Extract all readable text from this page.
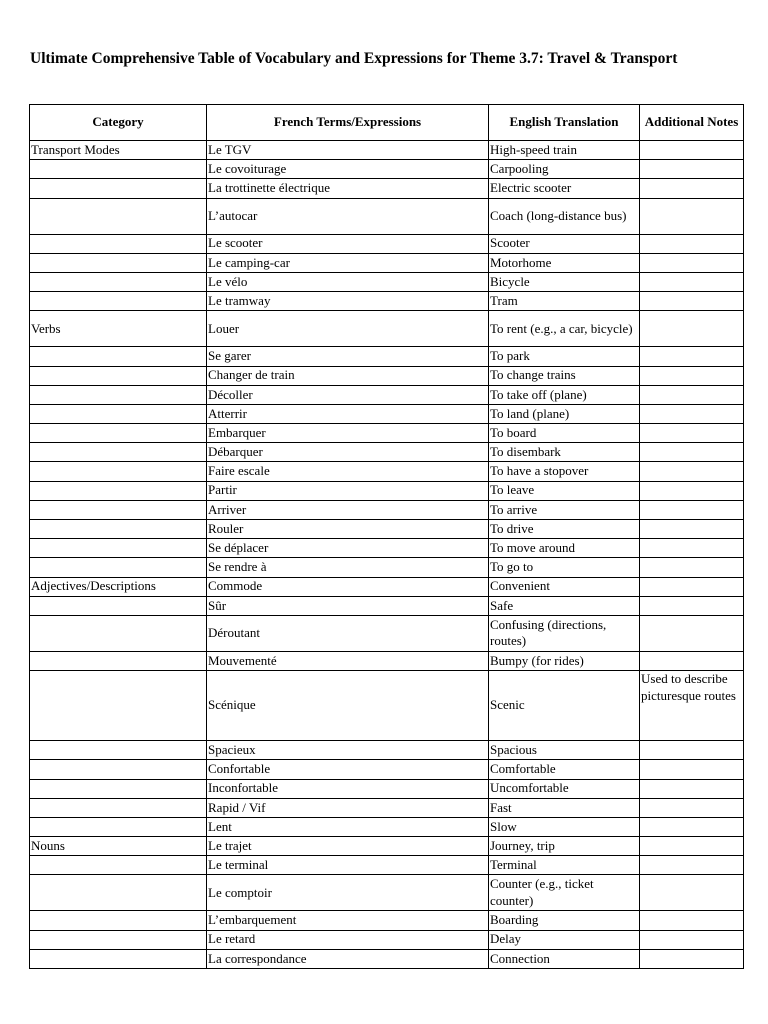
Ultimate Comprehensive Table of Vocabulary and Expressions for Theme 3.7: Travel & Transport
Category	French Terms/Expressions	English Translation	Additional Notes
Transport Modes	Le TGV	High-speed train	
	Le covoiturage	Carpooling	
	La trottinette électrique	Electric scooter	
	L’autocar	Coach (long-distance bus)	
	Le scooter	Scooter	
	Le camping-car	Motorhome	
	Le vélo	Bicycle	
	Le tramway	Tram	
Verbs	Louer	To rent (e.g., a car, bicycle)	
	Se garer	To park	
	Changer de train	To change trains	
	Décoller	To take off (plane)	
	Atterrir	To land (plane)	
	Embarquer	To board	
	Débarquer	To disembark	
	Faire escale	To have a stopover	
	Partir	To leave	
	Arriver	To arrive	
	Rouler	To drive	
	Se déplacer	To move around	
	Se rendre à	To go to	
Adjectives/Descriptions	Commode	Convenient	
	Sûr	Safe	
	Déroutant	Confusing (directions, routes)	
	Mouvementé	Bumpy (for rides)	
	Scénique	Scenic	Used to describe picturesque routes
	Spacieux	Spacious	
	Confortable	Comfortable	
	Inconfortable	Uncomfortable	
	Rapid / Vif	Fast	
	Lent	Slow	
Nouns	Le trajet	Journey, trip	
	Le terminal	Terminal	
	Le comptoir	Counter (e.g., ticket counter)	
	L’embarquement	Boarding	
	Le retard	Delay	
	La correspondance	Connection	
